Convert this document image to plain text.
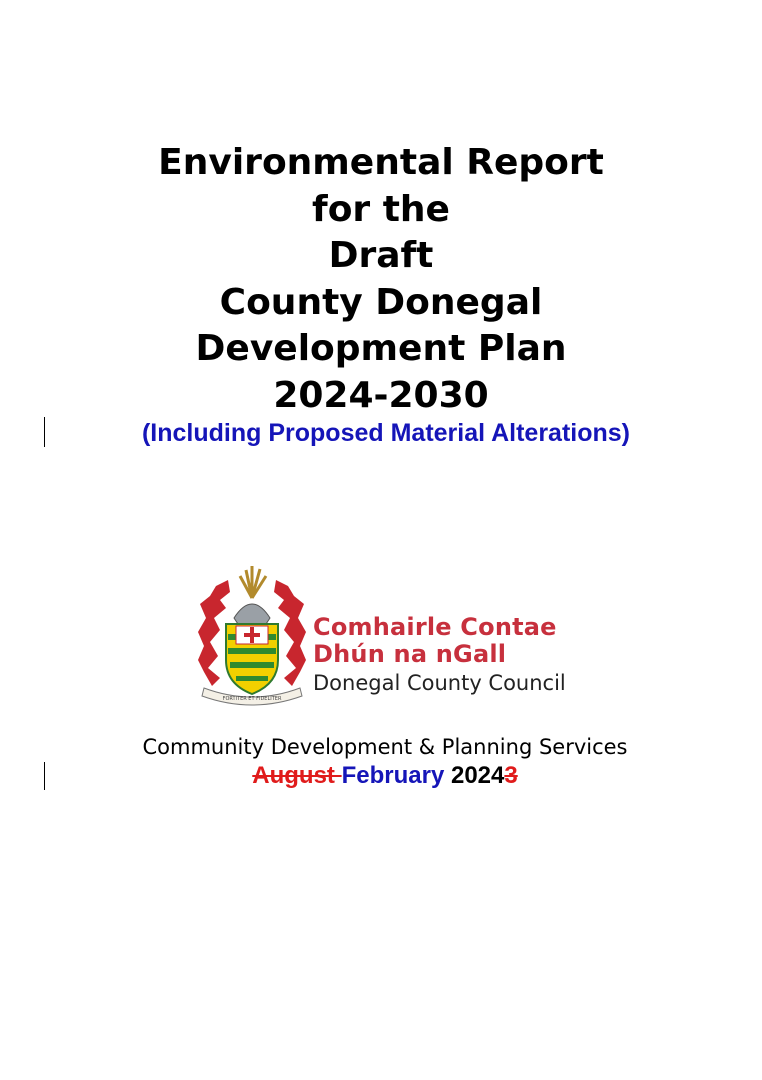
Environmental Report
for the
Draft
County Donegal
Development Plan
2024-2030
(Including Proposed Material Alterations)
FORTITER ET FIDELITER
Comhairle Contae
Dhún na nGall
Donegal County Council
Community Development & Planning Services
August February 20243
